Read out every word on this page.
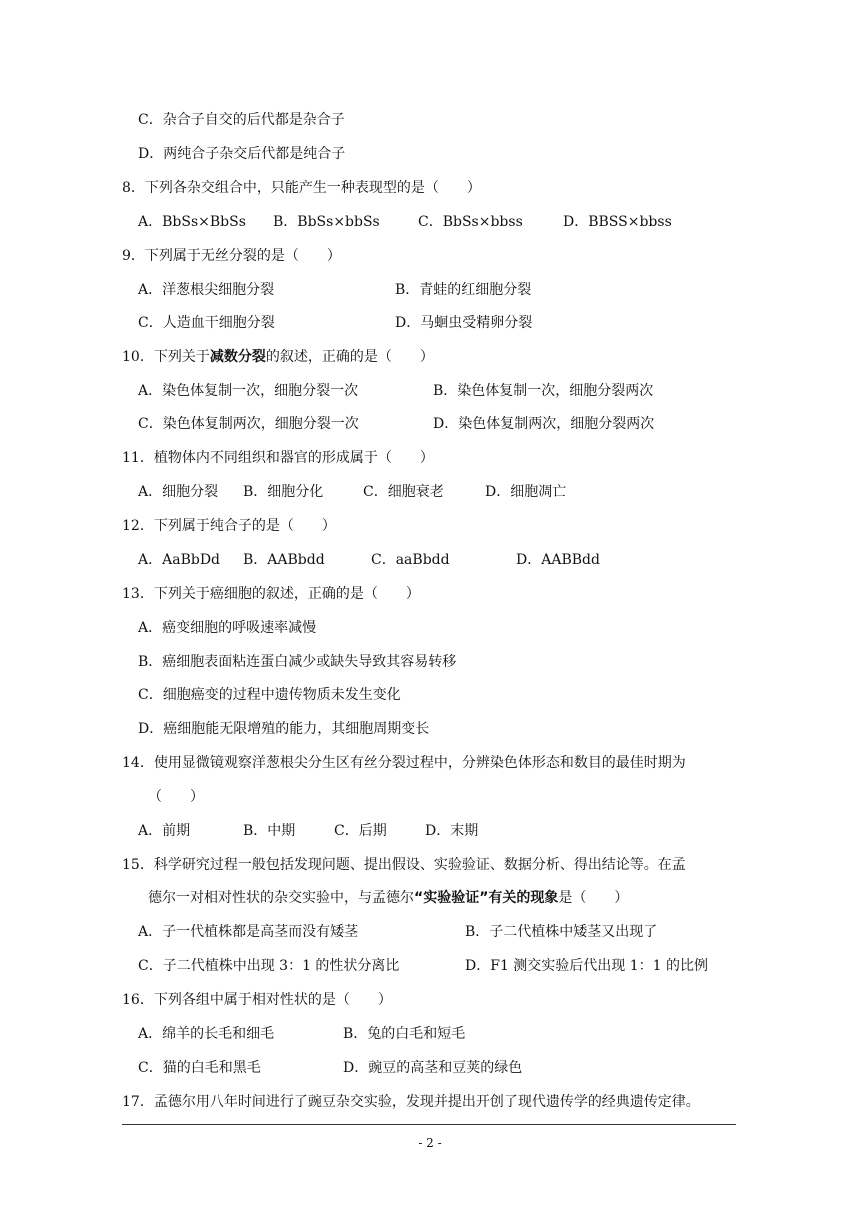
C．杂合子自交的后代都是杂合子
D．两纯合子杂交后代都是纯合子
8．下列各杂交组合中，只能产生一种表现型的是（　　）
A．BbSs×BbSs B．BbSs×bbSs	C．BbSs×bbss	D．BBSS×bbss
9．下列属于无丝分裂的是（　　）
A．洋葱根尖细胞分裂	B．青蛙的红细胞分裂
C．人造血干细胞分裂	D．马蛔虫受精卵分裂
10．下列关于减数分裂的叙述，正确的是（　　）
A．染色体复制一次，细胞分裂一次	B．染色体复制一次，细胞分裂两次
C．染色体复制两次，细胞分裂一次	D．染色体复制两次，细胞分裂两次
11．植物体内不同组织和器官的形成属于（　　）
A．细胞分裂 B．细胞分化	C．细胞衰老	D．细胞凋亡
12．下列属于纯合子的是（　　）
A．AaBbDd B．AABbdd	C．aaBbdd	D．AABBdd
13．下列关于癌细胞的叙述，正确的是（　　）
A．癌变细胞的呼吸速率减慢
B．癌细胞表面粘连蛋白减少或缺失导致其容易转移
C．细胞癌变的过程中遗传物质未发生变化
D．癌细胞能无限增殖的能力，其细胞周期变长
14．使用显微镜观察洋葱根尖分生区有丝分裂过程中，分辨染色体形态和数目的最佳时期为
（　　）
A．前期	B．中期	C．后期	D．末期
15．科学研究过程一般包括发现问题、提出假设、实验验证、数据分析、得出结论等。在孟
德尔一对相对性状的杂交实验中，与孟德尔“实验验证”有关的现象是（　　）
A．子一代植株都是高茎而没有矮茎	B．子二代植株中矮茎又出现了
C．子二代植株中出现 3：1 的性状分离比	D．F1 测交实验后代出现 1：1 的比例
16．下列各组中属于相对性状的是（　　）
A．绵羊的长毛和细毛	B．兔的白毛和短毛
C．猫的白毛和黑毛	D．豌豆的高茎和豆荚的绿色
17．孟德尔用八年时间进行了豌豆杂交实验，发现并提出开创了现代遗传学的经典遗传定律。
- 2 -
